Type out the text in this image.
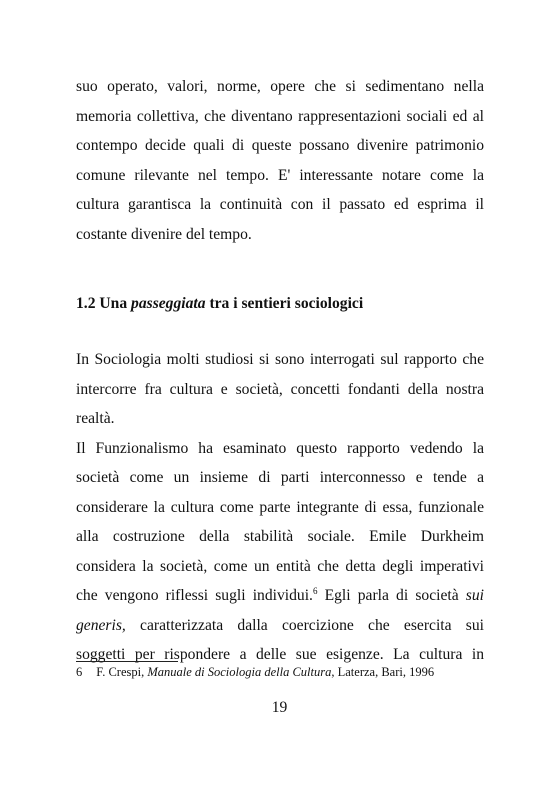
suo operato, valori, norme, opere che si sedimentano nella
memoria collettiva, che diventano rappresentazioni sociali ed al
contempo decide quali di queste possano divenire patrimonio
comune rilevante nel tempo. E' interessante notare come la
cultura garantisca la continuità con il passato ed esprima il
costante divenire del tempo.
1.2 Una passeggiata tra i sentieri sociologici
In Sociologia molti studiosi si sono interrogati sul rapporto che
intercorre fra cultura e società, concetti fondanti della nostra
realtà.
Il Funzionalismo ha esaminato questo rapporto vedendo la
società come un insieme di parti interconnesso e tende a
considerare la cultura come parte integrante di essa, funzionale
alla costruzione della stabilità sociale. Emile Durkheim
considera la società, come un entità che detta degli imperativi
che vengono riflessi sugli individui.$^6$ Egli parla di società sui
generis, caratterizzata dalla coercizione che esercita sui
soggetti per rispondere a delle sue esigenze. La cultura in
6 F. Crespi, Manuale di Sociologia della Cultura, Laterza, Bari, 1996
19
